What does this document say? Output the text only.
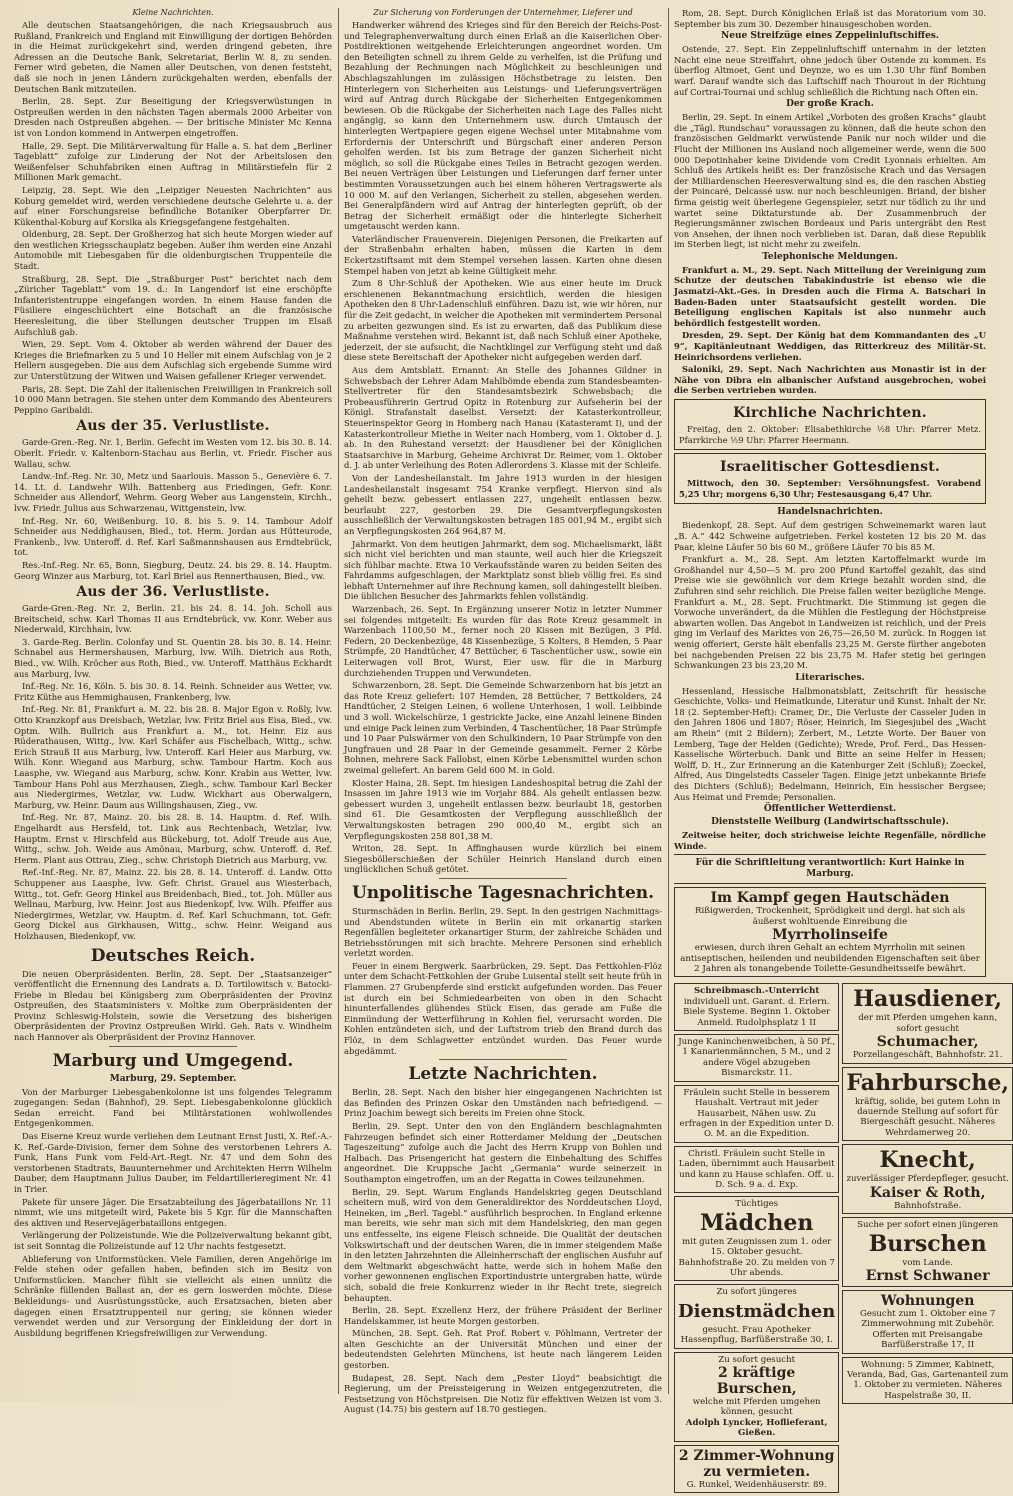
Kleine Nachrichten.

Alle deutschen Staatsangehörigen, die nach Kriegsausbruch aus Rußland, Frankreich und England mit Einwilligung der dortigen Behörden in die Heimat zurückgekehrt sind, werden dringend gebeten, ihre Adressen an die Deutsche Bank, Sekretariat, Berlin W. 8, zu senden. Ferner wird gebeten, die Namen aller Deutschen, von denen feststeht, daß sie noch in jenen Ländern zurückgehalten werden, ebenfalls der Deutschen Bank mitzuteilen.

Berlin, 28. Sept. Zur Beseitigung der Kriegsverwüstungen in Ostpreußen werden in den nächsten Tagen abermals 2000 Arbeiter von Dresden nach Ostpreußen abgehen. — Der britische Minister Mc Kenna ist von London kommend in Antwerpen eingetroffen.

Halle, 29. Sept. Die Militärverwaltung für Halle a. S. hat dem „Berliner Tageblatt“ zufolge zur Linderung der Not der Arbeitslosen den Weißenfelser Schuhfabriken einen Auftrag in Militärstiefeln für 2 Millionen Mark gemacht.

Leipzig, 28. Sept. Wie den „Leipziger Neuesten Nachrichten“ aus Koburg gemeldet wird, werden verschiedene deutsche Gelehrte u. a. der auf einer Forschungsreise befindliche Botaniker Oberpfarrer Dr. Kükenthal-Koburg auf Korsika als Kriegsgefangene festgehalten.

Oldenburg, 28. Sept. Der Großherzog hat sich heute Morgen wieder auf den westlichen Kriegsschauplatz begeben. Außer ihm werden eine Anzahl Automobile mit Liebesgaben für die oldenburgischen Truppenteile die Stadt.

Straßburg, 28. Sept. Die „Straßburger Post“ berichtet nach dem „Züricher Tageblatt“ vom 19. d.: In Langendorf ist eine erschöpfte Infanteristentruppe eingefangen worden. In einem Hause fanden die Füsiliere eingeschüchtert eine Botschaft an die französische Heeresleitung, die über Stellungen deutscher Truppen im Elsaß Aufschluß gab.

Wien, 29. Sept. Vom 4. Oktober ab werden während der Dauer des Krieges die Briefmarken zu 5 und 10 Heller mit einem Aufschlag von je 2 Hellern ausgegeben. Die aus dem Aufschlag sich ergebende Summe wird zur Unterstützung der Witwen und Waisen gefallener Krieger verwendet.

Paris, 28. Sept. Die Zahl der italienischen Freiwilligen in Frankreich soll 10 000 Mann betragen. Sie stehen unter dem Kommando des Abenteurers Peppino Garibaldi.

Aus der 35. Verlustliste.

Garde-Gren.-Reg. Nr. 1, Berlin. Gefecht im Westen vom 12. bis 30. 8. 14. Oberlt. Friedr. v. Kaltenborn-Stachau aus Berlin, vt. Friedr. Fischer aus Wallau, schw.

Landw.-Inf.-Reg. Nr. 30, Metz und Saarlouis. Masson 5., Genevière 6. 7. 14. Lt. d. Landwehr Wilh. Battenberg aus Friedingen, Gefr. Konr. Schneider aus Allendorf, Wehrm. Georg Weber aus Langenstein, Kirchh., lvw. Friedr. Julius aus Schwarzenau, Wittgenstein, lvw.

Inf.-Reg. Nr. 60, Weißenburg. 10. 8. bis 5. 9. 14. Tambour Adolf Schneider aus Neddighausen, Bied., tot. Herm. Jordan aus Hütteurode, Frankenb., lvw. Unteroff. d. Ref. Karl Saßmannshausen aus Erndtebrück, tot.

Res.-Inf.-Reg. Nr. 65, Bonn, Siegburg, Deutz. 24. bis 29. 8. 14. Hauptm. Georg Winzer aus Marburg, tot. Karl Briel aus Rennerthausen, Bied., vw.

Aus der 36. Verlustliste.

Garde-Gren.-Reg. Nr. 2, Berlin. 21. bis 24. 8. 14. Joh. Scholl aus Breitscheid, schw. Karl Thomas II aus Erndtebrück, vw. Konr. Weber aus Niederwald, Kirchhain, lvw.

3. Garde-Reg. Berlin. Colonfay und St. Quentin 28. bis 30. 8. 14. Heinr. Schnabel aus Hermershausen, Marburg, lvw. Wilh. Dietrich aus Roth, Bied., vw. Wilh. Kröcher aus Roth, Bied., vw. Unteroff. Matthäus Eckhardt aus Marburg, lvw.

Inf.-Reg. Nr. 16, Köln. 5. bis 30. 8. 14. Reinh. Schneider aus Wetter, vw. Fritz Küthe aus Hemmighausen, Frankenberg, lvw.

Inf.-Reg. Nr. 81, Frankfurt a. M. 22. bis 28. 8. Major Egon v. Roßly, lvw. Otto Kranzkopf aus Dreisbach, Wetzlar, lvw. Fritz Briel aus Eisa, Bied., vw. Optm. Wilh. Bullrich aus Frankfurt a. M., tot. Heinr. Eiz aus Rüderathausen, Wittg., lvw. Karl Schäfer aus Fischelbach, Wittg., schw. Erich Strauß II aus Marburg, lvw. Unteroff. Karl Heier aus Marburg, vw. Wilh. Konr. Wiegand aus Marburg, schw. Tambour Hartm. Koch aus Laasphe, vw. Wiegand aus Marburg, schw. Konr. Krabin aus Wetter, lvw. Tambour Hans Pohl aus Merzhausen, Ziegh., schw. Tambour Karl Becker aus Niedergirmes, Wetzlar, vw. Ludw. Wickhart aus Oberwalgern, Marburg, vw. Heinr. Daum aus Willingshausen, Zieg., vw.

Inf.-Reg. Nr. 87, Mainz. 20. bis 28. 8. 14. Hauptm. d. Ref. Wilh. Engelhardt aus Hersfeld, tot. Link aus Rechtenbach, Wetzlar, lvw. Hauptm. Ernst v. Hirschfeld aus Bückeburg, tot. Adolf Treude aus Aue, Wittg., schw. Joh. Weide aus Amönau, Marburg, schw. Unteroff. d. Ref. Herm. Plant aus Ottrau, Zieg., schw. Christoph Dietrich aus Marburg, vw.

Ref.-Inf.-Reg. Nr. 87, Mainz. 22. bis 28. 8. 14. Unteroff. d. Landw. Otto Schuppener aus Laasphe, lvw. Gefr. Christ. Grauel aus Wiesterbach, Wittg., tot. Gefr. Georg Hinkel aus Breidenbach, Bied., tot. Joh. Müller aus Wellnau, Marburg, lvw. Heinr. Jost aus Biedenkopf, lvw. Wilh. Pfeiffer aus Niedergirmes, Wetzlar, vw. Hauptm. d. Ref. Karl Schuchmann, tot. Gefr. Georg Dickel aus Girkhausen, Wittg., schw. Heinr. Weigand aus Holzhausen, Biedenkopf, vw.

Deutsches Reich.

Die neuen Oberpräsidenten. Berlin, 28. Sept. Der „Staatsanzeiger“ veröffentlicht die Ernennung des Landrats a. D. Tortilowitsch v. Batocki-Friebe in Bledau bei Königsberg zum Oberpräsidenten der Provinz Ostpreußen, des Staatsministers v. Moltke zum Oberpräsidenten der Provinz Schleswig-Holstein, sowie die Versetzung des bisherigen Oberpräsidenten der Provinz Ostpreußen Wirkl. Geh. Rats v. Windheim nach Hannover als Oberpräsident der Provinz Hannover.

Marburg und Umgegend.
Marburg, 29. September.

Von der Marburger Liebesgabenkolonne ist uns folgendes Telegramm zugegangen: Sedan (Bahnhof), 29. Sept. Liebesgabenkolonne glücklich Sedan erreicht. Fand bei Militärstationen wohlwollendes Entgegenkommen.

Das Eiserne Kreuz wurde verliehen dem Leutnant Ernst Justi, X. Ref.-A.-K. Ref.-Garde-Division, ferner dem Sohne des verstorbenen Lehrers A. Funk, Hans Funk vom Feld-Art.-Regt. Nr. 47 und dem Sohn des verstorbenen Stadtrats, Bauunternehmer und Architekten Herrn Wilhelm Dauber, dem Hauptmann Julius Dauber, im Feldartillerieregiment Nr. 41 in Trier.

Pakete für unsere Jäger. Die Ersatzabteilung des Jägerbataillons Nr. 11 nimmt, wie uns mitgeteilt wird, Pakete bis 5 Kgr. für die Mannschaften des aktiven und Reservejägerbataillons entgegen.

Verlängerung der Polizeistunde. Wie die Polizeiverwaltung bekannt gibt, ist seit Sonntag die Polizeistunde auf 12 Uhr nachts festgesetzt.

Ablieferung von Uniformstücken. Viele Familien, deren Angehörige im Felde stehen oder gefallen haben, befinden sich im Besitz von Uniformstücken. Mancher fühlt sie vielleicht als einen unnütz die Schränke füllenden Ballast an, der es gern loswerden möchte. Diese Bekleidungs- und Ausrüstungsstücke, auch Ersatzsachen, bieten aber dagegen einen Ersatztruppenteil nur gering; sie können wieder verwendet werden und zur Versorgung der Einkleidung der dort in Ausbildung begriffenen Kriegsfreiwilligen zur Verwendung.

Zur Sicherung von Forderungen der Unternehmer, Lieferer und

Handwerker während des Krieges sind für den Bereich der Reichs-Post- und Telegraphenverwaltung durch einen Erlaß an die Kaiserlichen Ober-Postdirektionen weitgehende Erleichterungen angeordnet worden. Um den Beteiligten schnell zu ihrem Gelde zu verhelfen, ist die Prüfung und Bezahlung der Rechnungen nach Möglichkeit zu beschleunigen und Abschlagszahlungen im zulässigen Höchstbetrage zu leisten. Den Hinterlegern von Sicherheiten aus Leistungs- und Lieferungsverträgen wird auf Antrag durch Rückgabe der Sicherheiten Entgegenkommen bewiesen. Ob die Rückgabe der Sicherheiten nach Lage des Falles nicht angängig, so kann den Unternehmern usw. durch Umtausch der hinterlegten Wertpapiere gegen eigene Wechsel unter Mitabnahme vom Erfordernis der Unterschrift und Bürgschaft einer anderen Person geholfen werden. Ist bis zum Betrage der ganzen Sicherheit nicht möglich, so soll die Rückgabe eines Teiles in Betracht gezogen werden. Bei neuen Verträgen über Leistungen und Lieferungen darf ferner unter bestimmten Voraussetzungen auch bei einem höheren Vertragswerte als 10 000 M. auf den Verlangen, Sicherheit zu stellen, abgesehen werden. Bei Generalpfändern wird auf Antrag der hinterlegten geprüft, ob der Betrag der Sicherheit ermäßigt oder die hinterlegte Sicherheit umgetauscht werden kann.

Vaterländischer Frauenverein. Diejenigen Personen, die Freikarten auf der Straßenbahn erhalten haben, müssen die Karten in dem Eckertzstiftsamt mit dem Stempel versehen lassen. Karten ohne diesen Stempel haben von jetzt ab keine Gültigkeit mehr.

Zum 8 Uhr-Schluß der Apotheken. Wie aus einer heute im Druck erschienenen Bekanntmachung ersichtlich, werden die hiesigen Apotheken den 8 Uhr-Ladenschluß einführen. Dazu ist, wie wir hören, nur für die Zeit gedacht, in welcher die Apotheken mit vermindertem Personal zu arbeiten gezwungen sind. Es ist zu erwarten, daß das Publikum diese Maßnahme verstehen wird. Bekannt ist, daß nach Schluß einer Apotheke, jederzeit, der sie aufsucht, die Nachtklingel zur Verfügung steht und daß diese stete Bereitschaft der Apotheker nicht aufgegeben werden darf.

Aus dem Amtsblatt. Ernannt: An Stelle des Johannes Gildner in Schwebsbach der Lehrer Adam Mahlbömde ebenda zum Standesbeamten-Stellvertreter für den Standesamtsbezirk Schwebsbach; die Probeausführerin Gertrud Opitz in Rotenburg zur Aufseherin bei der Königl. Strafanstalt daselbst. Versetzt: der Katasterkontrolleur, Steuerinspektor Georg in Homberg nach Hanau (Katasteramt I), und der Katasterkontrolleur Miethe in Weiter nach Homberg, vom 1. Oktober d. J. ab. In den Ruhestand versetzt: der Hausdiener bei der Königlichen Staatsarchive in Marburg, Geheime Archivrat Dr. Reimer, vom 1. Oktober d. J. ab unter Verleihung des Roten Adlerordens 3. Klasse mit der Schleife.

Von der Landesheilanstalt. Im Jahre 1913 wurden in der hiesigen Landesheilanstalt insgesamt 754 Kranke verpflegt. Hiervon sind als geheilt bezw. gebessert entlassen 227, ungeheilt entlassen bezw. beurlaubt 227, gestorben 29. Die Gesamtverpflegungskosten ausschließlich der Verwaltungskosten betragen 185 001,94 M., ergibt sich an Verpflegungskosten 264 964,87 M.

Jahrmarkt. Von dem heutigen Jahrmarkt, dem sog. Michaelismarkt, läßt sich nicht viel berichten und man staunte, weil auch hier die Kriegszeit sich fühlbar machte. Etwa 10 Verkaufsstände waren zu beiden Seiten des Fahrdamms aufgeschlagen, der Marktplatz sonst blieb völlig frei. Es sind lebhaft Unternehmer auf ihre Rechnung kamen, soll dahingestellt bleiben. Die üblichen Besucher des Jahrmarkts fehlen vollständig.

Warzenbach, 26. Sept. In Ergänzung unserer Notiz in letzter Nummer sei folgendes mitgeteilt: Es wurden für das Rote Kreuz gesammelt in Warzenbach 1100,50 M., ferner noch 20 Kissen mit Bezügen, 3 Pfd. Federn, 20 Deckenbezüge, 48 Kissenbezüge, 5 Kolters, 8 Hemden, 5 Paar Strümpfe, 20 Handtücher, 47 Bettücher, 6 Taschentücher usw., sowie ein Leiterwagen voll Brot, Wurst, Eier usw. für die in Marburg durchziehenden Truppen und Verwundeten.

Schwarzenborn, 28. Sept. Die Gemeinde Schwarzenborn hat bis jetzt an das Rote Kreuz geliefert: 107 Hemden, 28 Bettücher, 7 Bettkolders, 24 Handtücher, 2 Steigen Leinen, 6 wollene Unterhosen, 1 woll. Leibbinde und 3 woll. Wickelschürze, 1 gestrickte Jacke, eine Anzahl leinene Binden und einige Pack leinen zum Verbinden, 4 Taschentücher, 18 Paar Strümpfe und 10 Paar Pulswärmer von den Schulkindern, 10 Paar Strümpfe von den Jungfrauen und 28 Paar in der Gemeinde gesammelt. Ferner 2 Körbe Bohnen, mehrere Sack Fallobst, einen Körbe Lebensmittel wurden schon zweimal geliefert. An barem Geld 600 M. in Gold.

Kloster Haina, 28. Sept. Im hiesigen Landeshospital betrug die Zahl der Insassen im Jahre 1913 wie im Vorjahr 884. Als geheilt entlassen bezw. gebessert wurden 3, ungeheilt entlassen bezw. beurlaubt 18, gestorben sind 61. Die Gesamtkosten der Verpflegung ausschließlich der Verwaltungskosten betragen 290 000,40 M., ergibt sich an Verpflegungskosten 258 801,38 M.

Writon, 28. Sept. In Affinghausen wurde kürzlich bei einem Siegesböllerschießen der Schüler Heinrich Hansland durch einen unglücklichen Schuß getötet.

Unpolitische Tagesnachrichten.

Sturmschäden in Berlin. Berlin, 29. Sept. In den gestrigen Nachmittags- und Abendstunden wütete in Berlin ein mit orkanartig starken Regenfällen begleiteter orkanartiger Sturm, der zahlreiche Schäden und Betriebsstörungen mit sich brachte. Mehrere Personen sind erheblich verletzt worden.

Feuer in einem Bergwerk. Saarbrücken, 29. Sept. Das Fettkohlen-Flöz unter dem Schacht-Fettkohlen der Grube Luisental stellt seit heute früh in Flammen. 27 Grubenpferde sind erstickt aufgefunden worden. Das Feuer ist durch ein bei Schmiedearbeiten von oben in den Schacht hinunterfallendes glühendes Stück Eisen, das gerade am Fuße die Einmündung der Wetterführung in Kohlen fiel, verursacht worden. Die Kohlen entzündeten sich, und der Luftstrom trieb den Brand durch das Flöz, in dem Schlagwetter entzündet wurden. Das Feuer wurde abgedämmt.

Letzte Nachrichten.

Berlin, 28. Sept. Nach den bisher hier eingegangenen Nachrichten ist das Befinden des Prinzen Oskar den Umständen nach befriedigend. — Prinz Joachim bewegt sich bereits im Freien ohne Stock.

Berlin, 29. Sept. Unter den von den Engländern beschlagnahmten Fahrzeugen befindet sich einer Rotterdamer Meldung der „Deutschen Tageszeitung“ zufolge auch die Jacht des Herrn Krupp von Bohlen und Halbach. Das Prisengericht hat gestern die Einbehaltung des Schiffes angeordnet. Die Kruppsche Jacht „Germania“ wurde seinerzeit in Southampton eingetroffen, um an der Regatta in Cowes teilzunehmen.

Berlin, 29. Sept. Warum Englands Handelskrieg gegen Deutschland scheitern muß, wird von dem Generaldirektor des Norddeutschen Lloyd, Heineken, im „Berl. Tagebl.“ ausführlich besprochen. In England erkenne man bereits, wie sehr man sich mit dem Handelskrieg, den man gegen uns entfesselte, ins eigene Fleisch schneide. Die Qualität der deutschen Volkswirtschaft und der deutschen Waren, die in immer steigendem Maße in den letzten Jahrzehnten die Alleinherrschaft der englischen Ausfuhr auf dem Weltmarkt abgeschwächt hatte, werde sich in hohem Maße den vorher gewonnenen englischen Exportindustrie untergraben hatte, würde sich, sobald die freie Konkurrenz wieder in ihr Recht trete, siegreich behaupten.

Berlin, 28. Sept. Exzellenz Herz, der frühere Präsident der Berliner Handelskammer, ist heute Morgen gestorben.

München, 28. Sept. Geh. Rat Prof. Robert v. Pöhlmann, Vertreter der alten Geschichte an der Universität München und einer der bedeutendsten Gelehrten Münchens, ist heute nach längerem Leiden gestorben.

Budapest, 28. Sept. Nach dem „Pester Lloyd“ beabsichtigt die Regierung, um der Preissteigerung in Weizen entgegenzutreten, die Festsetzung von Höchstpreisen. Die Notiz für effektiven Weizen ist vom 3. August (14.75) bis gestern auf 18.70 gestiegen.

Rom, 28. Sept. Durch Königlichen Erlaß ist das Moratorium vom 30. September bis zum 30. Dezember hinausgeschoben worden.

Neue Streifzüge eines Zeppelinluftschiffes.

Ostende, 27. Sept. Ein Zeppelinluftschiff unternahm in der letzten Nacht eine neue Streiffahrt, ohne jedoch über Ostende zu kommen. Es überflog Altmoet, Gent und Deynze, wo es um 1.30 Uhr fünf Bomben warf. Darauf wandte sich das Luftschiff nach Thourout in der Richtung auf Cortrai-Tournai und schlug schließlich die Richtung nach Often ein.

Der große Krach.

Berlin, 29. Sept. In einem Artikel „Vorboten des großen Krachs“ glaubt die „Tägl. Rundschau“ voraussagen zu können, daß die heute schon den französischen Geldmarkt verwüstende Panik nur noch wilder und die Flucht der Millionen ins Ausland noch allgemeiner werde, wenn die 500 000 Depotinhaber keine Dividende vom Credit Lyonnais erhielten. Am Schluß des Artikels heißt es: Der französische Krach und das Versagen der Milliardenschen Heeresverwaltung sind es, die den raschen Abstieg der Poincaré, Delcassé usw. nur noch beschleunigen. Briand, der bisher firma geistig weit überlegene Gegenspieler, setzt nur tödlich zu ihr und wartet seine Diktaturstunde ab. Der Zusammenbruch der Regierungsmänner zwischen Bordeaux und Paris untergräbt den Rest von Ansehen, der ihnen noch verblieben ist. Daran, daß diese Republik im Sterben liegt, ist nicht mehr zu zweifeln.

Telephonische Meldungen.

Frankfurt a. M., 29. Sept. Nach Mitteilung der Vereinigung zum Schutze der deutschen Tabakindustrie ist ebenso wie die Jasmatzi-Akt.-Ges. in Dresden auch die Firma A. Batschari in Baden-Baden unter Staatsaufsicht gestellt worden. Die Beteiligung englischen Kapitals ist also nunmehr auch behördlich festgestellt worden.

Dresden, 29. Sept. Der König hat dem Kommandanten des „U 9“, Kapitänleutnant Weddigen, das Ritterkreuz des Militär-St. Heinrichsordens verliehen.

Saloniki, 29. Sept. Nach Nachrichten aus Monastir ist in der Nähe von Dibra ein albanischer Aufstand ausgebrochen, wobei die Serben vertrieben wurden.

Kirchliche Nachrichten.

Freitag, den 2. Oktober: Elisabethkirche ½8 Uhr: Pfarrer Metz. Pfarrkirche ½9 Uhr: Pfarrer Heermann.

Israelitischer Gottesdienst.

Mittwoch, den 30. September: Versöhnungsfest. Vorabend 5,25 Uhr; morgens 6,30 Uhr; Festesausgang 6,47 Uhr.

Handelsnachrichten.

Biedenkopf, 28. Sept. Auf dem gestrigen Schweinemarkt waren laut „B. A.“ 442 Schweine aufgetrieben. Ferkel kosteten 12 bis 20 M. das Paar, kleine Läufer 50 bis 60 M., größere Läufer 70 bis 85 M.

Frankfurt a. M., 28. Sept. Am letzten Kartoffelmarkt wurde im Großhandel nur 4,50—5 M. pro 200 Pfund Kartoffel gezahlt, das sind Preise wie sie gewöhnlich vor dem Kriege bezahlt worden sind, die Zufuhren sind sehr reichlich. Die Preise fallen weiter bezügliche Menge. Frankfurt a. M., 28. Sept. Fruchtmarkt. Die Stimmung ist gegen die Vorwoche unverändert, da die Mühlen die Festlegung der Höchstpreise abwarten wollen. Das Angebot in Landweizen ist reichlich, und der Preis ging im Verlauf des Marktes von 26,75—26,50 M. zurück. In Roggen ist wenig offeriert, Gerste hält ebenfalls 23,25 M. Gerste fürther angeboten bei nachgebenden Preisen 22 bis 23,75 M. Hafer stetig bei geringen Schwankungen 23 bis 23,20 M.

Literarisches.

Hessenland, Hessische Halbmonatsblatt, Zeitschrift für hessische Geschichte, Volks- und Heimatkunde, Literatur und Kunst. Inhalt der Nr. 18 (2. September-Heft): Cramer, Dr., Die Verluste der Casseler Juden in den Jahren 1806 und 1807; Röser, Heinrich, Im Siegesjubel des „Wacht am Rhein“ (mit 2 Bildern); Zerbert, M., Letzte Worte. Der Bauer von Lemberg, Tage der Helden (Gedichte); Wrede, Prof. Ferd., Das Hessen-Kasselische Wörterbuch. Dank und Bitte an seine Helfer in Hessen; Wolff, D. H., Zur Erinnerung an die Katenburger Zeit (Schluß); Zoeckel, Alfred, Aus Dingelstedts Casseler Tagen. Einige jetzt unbekannte Briefe des Dichters (Schluß); Bedelmann, Heinrich, Ein hessischer Bergsee; Aus Heimat und Fremde; Personalien.

Öffentlicher Wetterdienst.
Dienststelle Weilburg (Landwirtschaftsschule).

Zeitweise heiter, doch strichweise leichte Regenfälle, nördliche Winde.

Für die Schriftleitung verantwortlich: Kurt Hainke in Marburg.
Im Kampf gegen Hautschäden
Rißigwerden, Trockenheit, Sprödigkeit und dergl. hat sich als äußerst wohltuende Einreibung die
Myrrholinseife
erwiesen, durch ihren Gehalt an echtem Myrrholin mit seinen antiseptischen, heilenden und neubildenden Eigenschaften seit über 2 Jahren als tonangebende Toilette-Gesundheitsseife bewährt.
Schreibmasch.-Unterricht
individuell unt. Garant. d. Erlern. Biele Systeme. Beginn 1. Oktober Anmeld. Rudolphsplatz 1 II
Junge Kaninchenweibchen, à 50 Pf., 1 Kanarienmännchen, 5 M., und 2 andere Vögel abzugeben Bismarckstr. 11.
Fräulein sucht Stelle in besserem Haushalt. Vertraut mit jeder Hausarbeit, Nähen usw. Zu erfragen in der Expedition unter D. O. M. an die Expedition.
Christl. Fräulein sucht Stelle in Laden, übernimmt auch Hausarbeit und kann zu Hause schlafen. Off. u. D. Sch. 9 a. d. Exp.
Tüchtiges
Mädchen
mit guten Zeugnissen zum 1. oder 15. Oktober gesucht. Bahnhofstraße 20. Zu melden von 7 Uhr abends.
Zu sofort jüngeres
Dienstmädchen
gesucht. Frau Apotheker Hassenpflug, Barfüßerstraße 30, I.
Zu sofort gesucht
2 kräftige Burschen,
welche mit Pferden umgehen können, gesucht
Adolph Lyncker, Hoflieferant, Gießen.
2 Zimmer-Wohnung zu vermieten.
G. Runkel, Weidenhäuserstr. 89.
Hausdiener,
der mit Pferden umgehen kann, sofort gesucht
Schumacher,
Porzellangeschäft, Bahnhofstr. 21.
Fahrbursche,
kräftig, solide, bei gutem Lohn in dauernde Stellung auf sofort für Biergeschäft gesucht. Näheres Wehrdamerweg 20.
Knecht,
zuverlässiger Pferdepfleger, gesucht.
Kaiser & Roth,
Bahnhofstraße.
Suche per sofort einen jüngeren
Burschen
vom Lande.
Ernst Schwaner
Wohnungen
Gesucht zum 1. Oktober eine 7 Zimmerwohnung mit Zubehör. Offerten mit Preisangabe Barfüßerstraße 17, II
Wohnung: 5 Zimmer, Kabinett, Veranda, Bad, Gas, Gartenanteil zum 1. Oktober zu vermieten. Näheres Haspelstraße 30, II.
